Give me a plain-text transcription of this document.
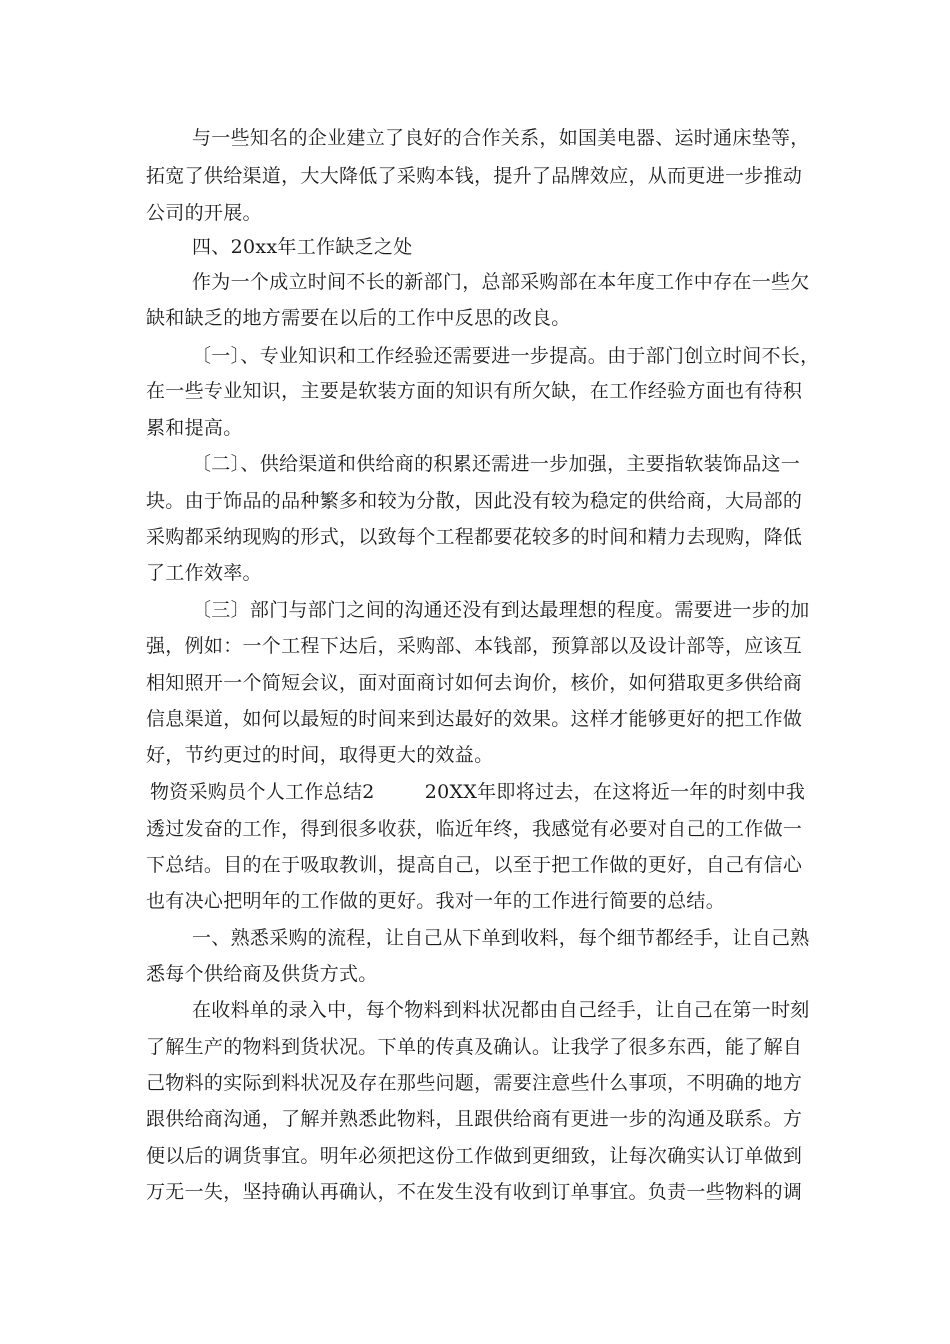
与一些知名的企业建立了良好的合作关系，如国美电器、运时通床垫等，
拓宽了供给渠道，大大降低了采购本钱，提升了品牌效应，从而更进一步推动
公司的开展。
四、20xx年工作缺乏之处
作为一个成立时间不长的新部门，总部采购部在本年度工作中存在一些欠
缺和缺乏的地方需要在以后的工作中反思的改良。
〔一〕、专业知识和工作经验还需要进一步提高。由于部门创立时间不长，
在一些专业知识，主要是软装方面的知识有所欠缺，在工作经验方面也有待积
累和提高。
〔二〕、供给渠道和供给商的积累还需进一步加强，主要指软装饰品这一
块。由于饰品的品种繁多和较为分散，因此没有较为稳定的供给商，大局部的
采购都采纳现购的形式，以致每个工程都要花较多的时间和精力去现购，降低
了工作效率。
〔三〕部门与部门之间的沟通还没有到达最理想的程度。需要进一步的加
强，例如：一个工程下达后，采购部、本钱部，预算部以及设计部等，应该互
相知照开一个简短会议，面对面商讨如何去询价，核价，如何猎取更多供给商
信息渠道，如何以最短的时间来到达最好的效果。这样才能够更好的把工作做
好，节约更过的时间，取得更大的效益。
物资采购员个人工作总结2	20XX年即将过去，在这将近一年的时刻中我
透过发奋的工作，得到很多收获，临近年终，我感觉有必要对自己的工作做一
下总结。目的在于吸取教训，提高自己，以至于把工作做的更好，自己有信心
也有决心把明年的工作做的更好。我对一年的工作进行简要的总结。
一、熟悉采购的流程，让自己从下单到收料，每个细节都经手，让自己熟
悉每个供给商及供货方式。
在收料单的录入中，每个物料到料状况都由自己经手，让自己在第一时刻
了解生产的物料到货状况。下单的传真及确认。让我学了很多东西，能了解自
己物料的实际到料状况及存在那些问题，需要注意些什么事项，不明确的地方
跟供给商沟通，了解并熟悉此物料，且跟供给商有更进一步的沟通及联系。方
便以后的调货事宜。明年必须把这份工作做到更细致，让每次确实认订单做到
万无一失，坚持确认再确认，不在发生没有收到订单事宜。负责一些物料的调
